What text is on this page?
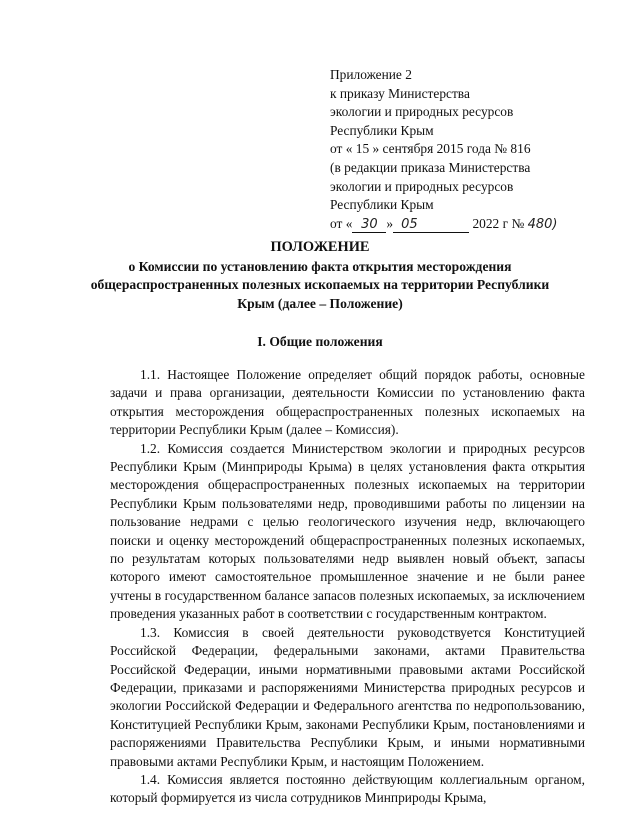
Приложение 2
к приказу Министерства
экологии и природных ресурсов
Республики Крым
от « 15 » сентября 2015 года № 816
(в редакции приказа Министерства
экологии и природных ресурсов
Республики Крым
от « 30 » 05	2022 г № 480)
ПОЛОЖЕНИЕ
о Комиссии по установлению факта открытия месторождения
общераспространенных полезных ископаемых на территории Республики
Крым (далее – Положение)
I. Общие положения

1.1. Настоящее Положение определяет общий порядок работы, основные задачи и права организации, деятельности Комиссии по установлению факта открытия месторождения общераспространенных полезных ископаемых на территории Республики Крым (далее – Комиссия).

1.2. Комиссия создается Министерством экологии и природных ресурсов Республики Крым (Минприроды Крыма) в целях установления факта открытия месторождения общераспространенных полезных ископаемых на территории Республики Крым пользователями недр, проводившими работы по лицензии на пользование недрами с целью геологического изучения недр, включающего поиски и оценку месторождений общераспространенных полезных ископаемых, по результатам которых пользователями недр выявлен новый объект, запасы которого имеют самостоятельное промышленное значение и не были ранее учтены в государственном балансе запасов полезных ископаемых, за исключением проведения указанных работ в соответствии с государственным контрактом.

1.3. Комиссия в своей деятельности руководствуется Конституцией Российской Федерации, федеральными законами, актами Правительства Российской Федерации, иными нормативными правовыми актами Российской Федерации, приказами и распоряжениями Министерства природных ресурсов и экологии Российской Федерации и Федерального агентства по недропользованию, Конституцией Республики Крым, законами Республики Крым, постановлениями и распоряжениями Правительства Республики Крым, и иными нормативными правовыми актами Республики Крым, и настоящим Положением.

1.4. Комиссия является постоянно действующим коллегиальным органом, который формируется из числа сотрудников Минприроды Крыма,
